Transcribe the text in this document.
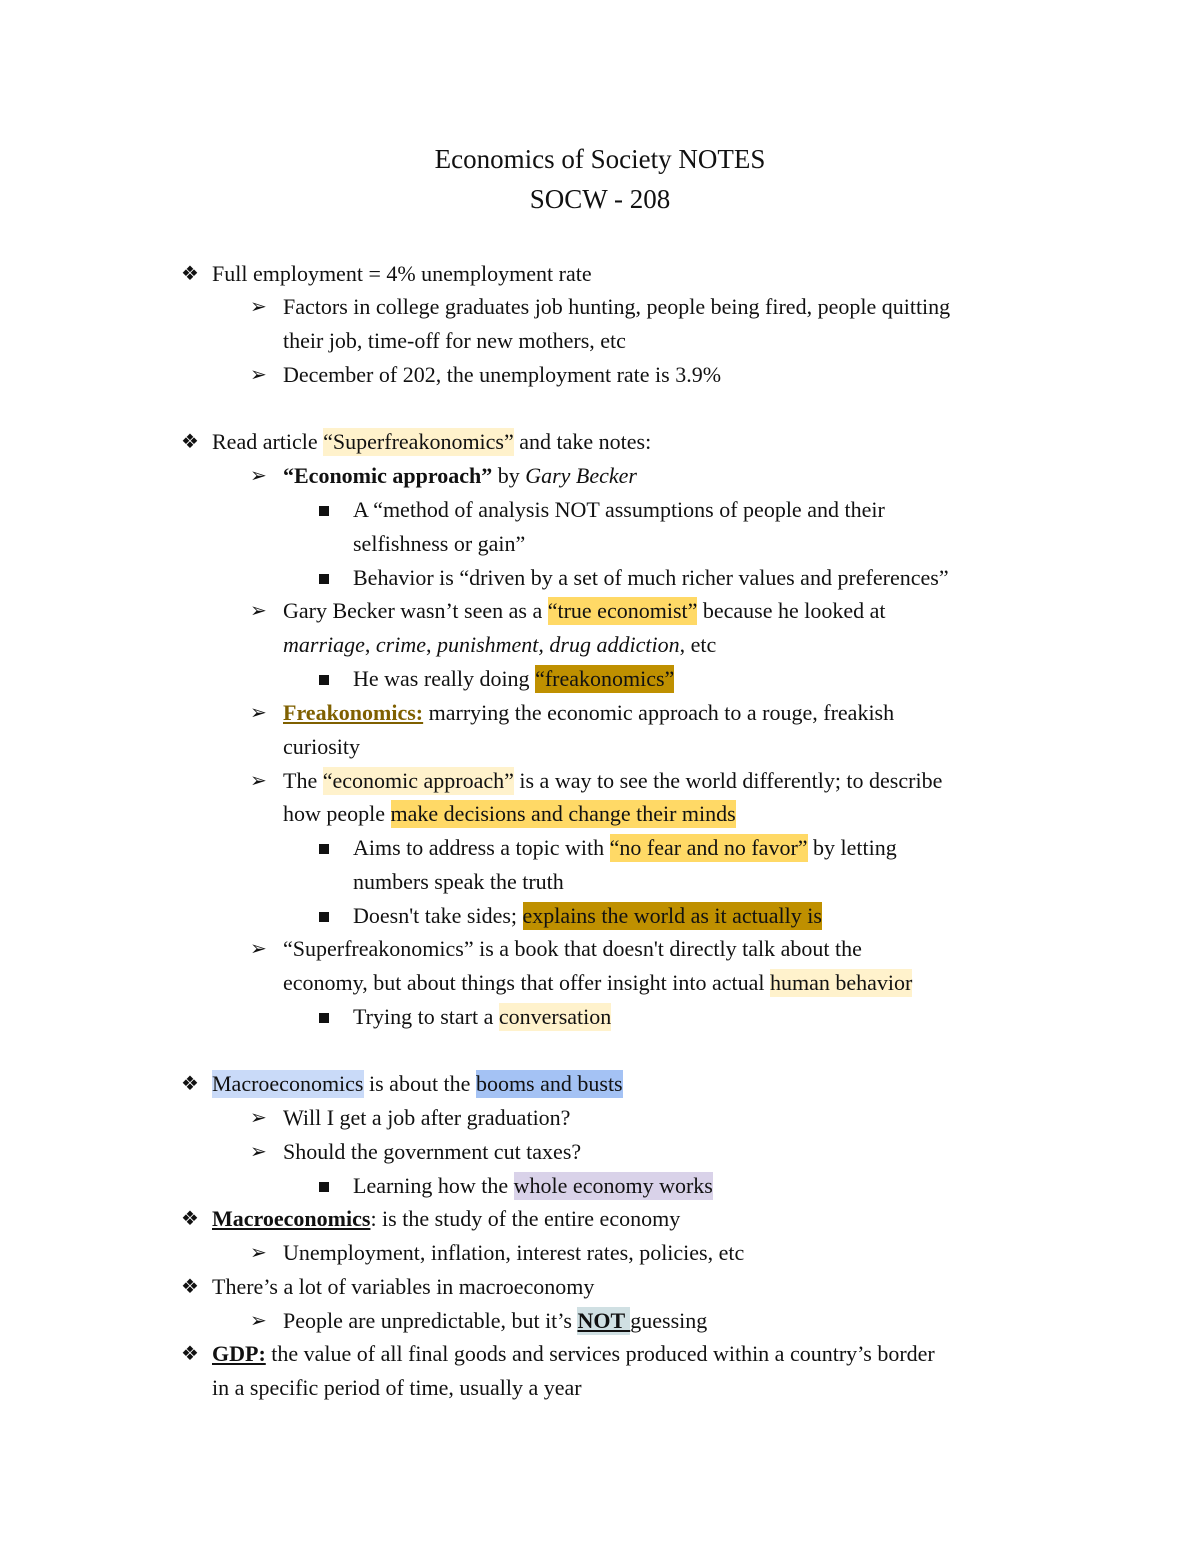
Economics of Society NOTES
SOCW - 208
❖ Full employment = 4% unemployment rate
➢ Factors in college graduates job hunting, people being fired, people quitting
their job, time-off for new mothers, etc
➢ December of 202, the unemployment rate is 3.9%
❖ Read article “Superfreakonomics” and take notes:
➢ “Economic approach” by Gary Becker
A “method of analysis NOT assumptions of people and their
selfishness or gain”
Behavior is “driven by a set of much richer values and preferences”
➢ Gary Becker wasn’t seen as a “true economist” because he looked at
marriage, crime, punishment, drug addiction, etc
He was really doing “freakonomics”
➢ Freakonomics: marrying the economic approach to a rouge, freakish
curiosity
➢ The “economic approach” is a way to see the world differently; to describe
how people make decisions and change their minds
Aims to address a topic with “no fear and no favor” by letting
numbers speak the truth
Doesn't take sides; explains the world as it actually is
➢ “Superfreakonomics” is a book that doesn't directly talk about the
economy, but about things that offer insight into actual human behavior
Trying to start a conversation
❖ Macroeconomics is about the booms and busts
➢ Will I get a job after graduation?
➢ Should the government cut taxes?
Learning how the whole economy works
❖ Macroeconomics: is the study of the entire economy
➢ Unemployment, inflation, interest rates, policies, etc
❖ There’s a lot of variables in macroeconomy
➢ People are unpredictable, but it’s NOT guessing
❖ GDP: the value of all final goods and services produced within a country’s border
in a specific period of time, usually a year
